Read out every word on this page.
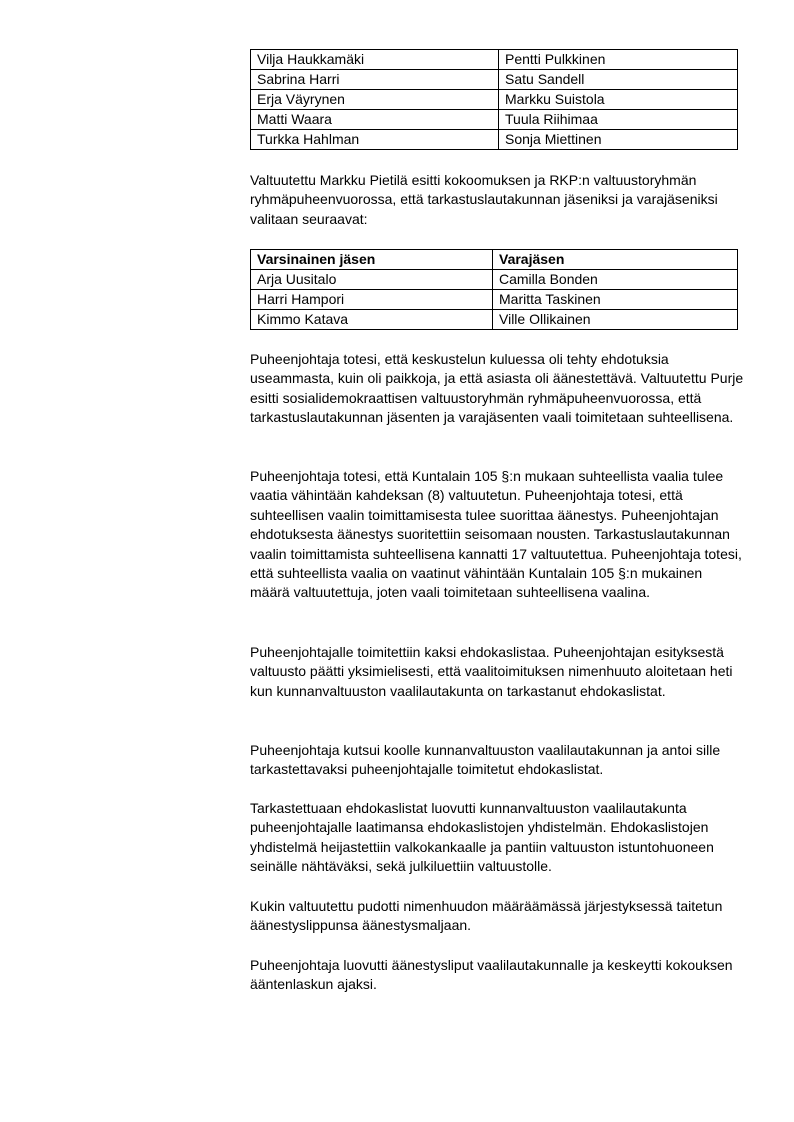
Vilja Haukkamäki	Pentti Pulkkinen
Sabrina Harri	Satu Sandell
Erja Väyrynen	Markku Suistola
Matti Waara	Tuula Riihimaa
Turkka Hahlman	Sonja Miettinen

Valtuutettu Markku Pietilä esitti kokoomuksen ja RKP:n valtuustoryhmän ryhmäpuheenvuorossa, että tarkastuslautakunnan jäseniksi ja varajäseniksi valitaan seuraavat:

Varsinainen jäsen	Varajäsen
Arja Uusitalo	Camilla Bonden
Harri Hampori	Maritta Taskinen
Kimmo Katava	Ville Ollikainen

Puheenjohtaja totesi, että keskustelun kuluessa oli tehty ehdotuksia useammasta, kuin oli paikkoja, ja että asiasta oli äänestettävä. Valtuutettu Purje esitti sosialidemokraattisen valtuustoryhmän ryhmäpuheenvuorossa, että tarkastuslautakunnan jäsenten ja varajäsenten vaali toimitetaan suhteellisena.

Puheenjohtaja totesi, että Kuntalain 105 §:n mukaan suhteellista vaalia tulee vaatia vähintään kahdeksan (8) valtuutetun. Puheenjohtaja totesi, että suhteellisen vaalin toimittamisesta tulee suorittaa äänestys. Puheenjohtajan ehdotuksesta äänestys suoritettiin seisomaan nousten. Tarkastuslautakunnan vaalin toimittamista suhteellisena kannatti 17 valtuutettua. Puheenjohtaja totesi, että suhteellista vaalia on vaatinut vähintään Kuntalain 105 §:n mukainen määrä valtuutettuja, joten vaali toimitetaan suhteellisena vaalina.

Puheenjohtajalle toimitettiin kaksi ehdokaslistaa. Puheenjohtajan esityksestä valtuusto päätti yksimielisesti, että vaalitoimituksen nimenhuuto aloitetaan heti kun kunnanvaltuuston vaalilautakunta on tarkastanut ehdokaslistat.

Puheenjohtaja kutsui koolle kunnanvaltuuston vaalilautakunnan ja antoi sille tarkastettavaksi puheenjohtajalle toimitetut ehdokaslistat.

Tarkastettuaan ehdokaslistat luovutti kunnanvaltuuston vaalilautakunta puheenjohtajalle laatimansa ehdokaslistojen yhdistelmän. Ehdokaslistojen yhdistelmä heijastettiin valkokankaalle ja pantiin valtuuston istuntohuoneen seinälle nähtäväksi, sekä julkiluettiin valtuustolle.

Kukin valtuutettu pudotti nimenhuudon määräämässä järjestyksessä taitetun äänestyslippunsa äänestysmaljaan.

Puheenjohtaja luovutti äänestysliput vaalilautakunnalle ja keskeytti kokouksen ääntenlaskun ajaksi.
